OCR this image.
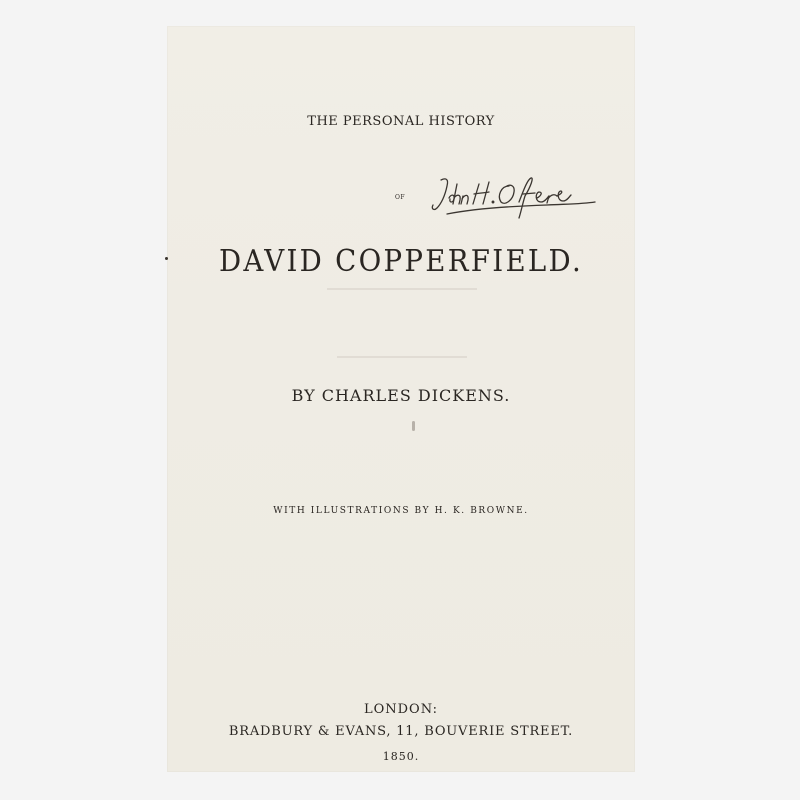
THE PERSONAL HISTORY
OF
DAVID COPPERFIELD.
BY CHARLES DICKENS.
WITH ILLUSTRATIONS BY H. K. BROWNE.
LONDON:
BRADBURY & EVANS, 11, BOUVERIE STREET.
1850.
